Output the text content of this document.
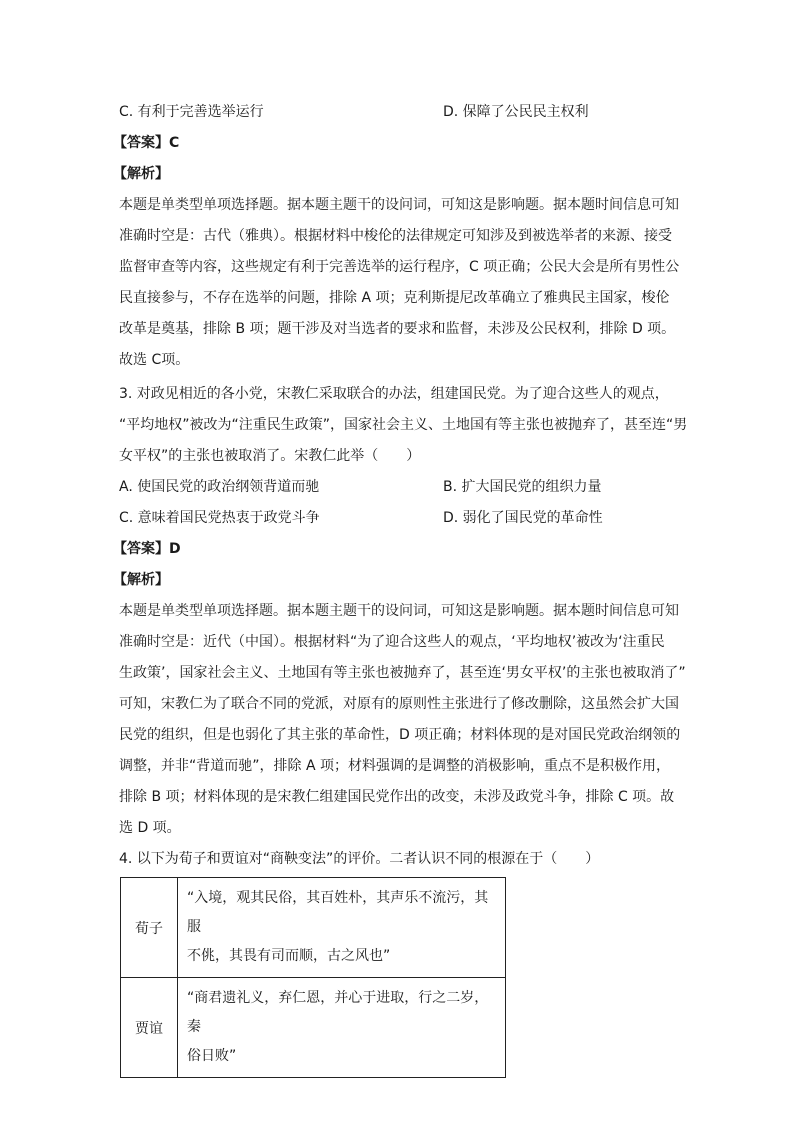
C. 有利于完善选举运行	D. 保障了公民民主权利
【答案】C
【解析】
本题是单类型单项选择题。据本题主题干的设问词，可知这是影响题。据本题时间信息可知
准确时空是：古代（雅典）。根据材料中梭伦的法律规定可知涉及到被选举者的来源、接受
监督审查等内容，这些规定有利于完善选举的运行程序，C 项正确；公民大会是所有男性公
民直接参与，不存在选举的问题，排除 A 项；克利斯提尼改革确立了雅典民主国家，梭伦
改革是奠基，排除 B 项；题干涉及对当选者的要求和监督，未涉及公民权利，排除 D 项。
故选 C项。
3. 对政见相近的各小党，宋教仁采取联合的办法，组建国民党。为了迎合这些人的观点，
“平均地权”被改为“注重民生政策”，国家社会主义、土地国有等主张也被抛弃了，甚至连“男
女平权”的主张也被取消了。宋教仁此举（　　）
A. 使国民党的政治纲领背道而驰	B. 扩大国民党的组织力量
C. 意味着国民党热衷于政党斗争	D. 弱化了国民党的革命性
【答案】D
【解析】
本题是单类型单项选择题。据本题主题干的设问词，可知这是影响题。据本题时间信息可知
准确时空是：近代（中国）。根据材料“为了迎合这些人的观点，‘平均地权’被改为‘注重民
生政策’，国家社会主义、土地国有等主张也被抛弃了，甚至连‘男女平权’的主张也被取消了”
可知，宋教仁为了联合不同的党派，对原有的原则性主张进行了修改删除，这虽然会扩大国
民党的组织，但是也弱化了其主张的革命性，D 项正确；材料体现的是对国民党政治纲领的
调整，并非“背道而驰”，排除 A 项；材料强调的是调整的消极影响，重点不是积极作用，
排除 B 项；材料体现的是宋教仁组建国民党作出的改变，未涉及政党斗争，排除 C 项。故
选 D 项。
4. 以下为荀子和贾谊对“商鞅变法”的评价。二者认识不同的根源在于（　　）
荀子	“入境，观其民俗，其百姓朴，其声乐不流污，其服
不佻，其畏有司而顺，古之风也”

贾谊	“商君遗礼义，弃仁恩，并心于进取，行之二岁，秦
俗日败”
